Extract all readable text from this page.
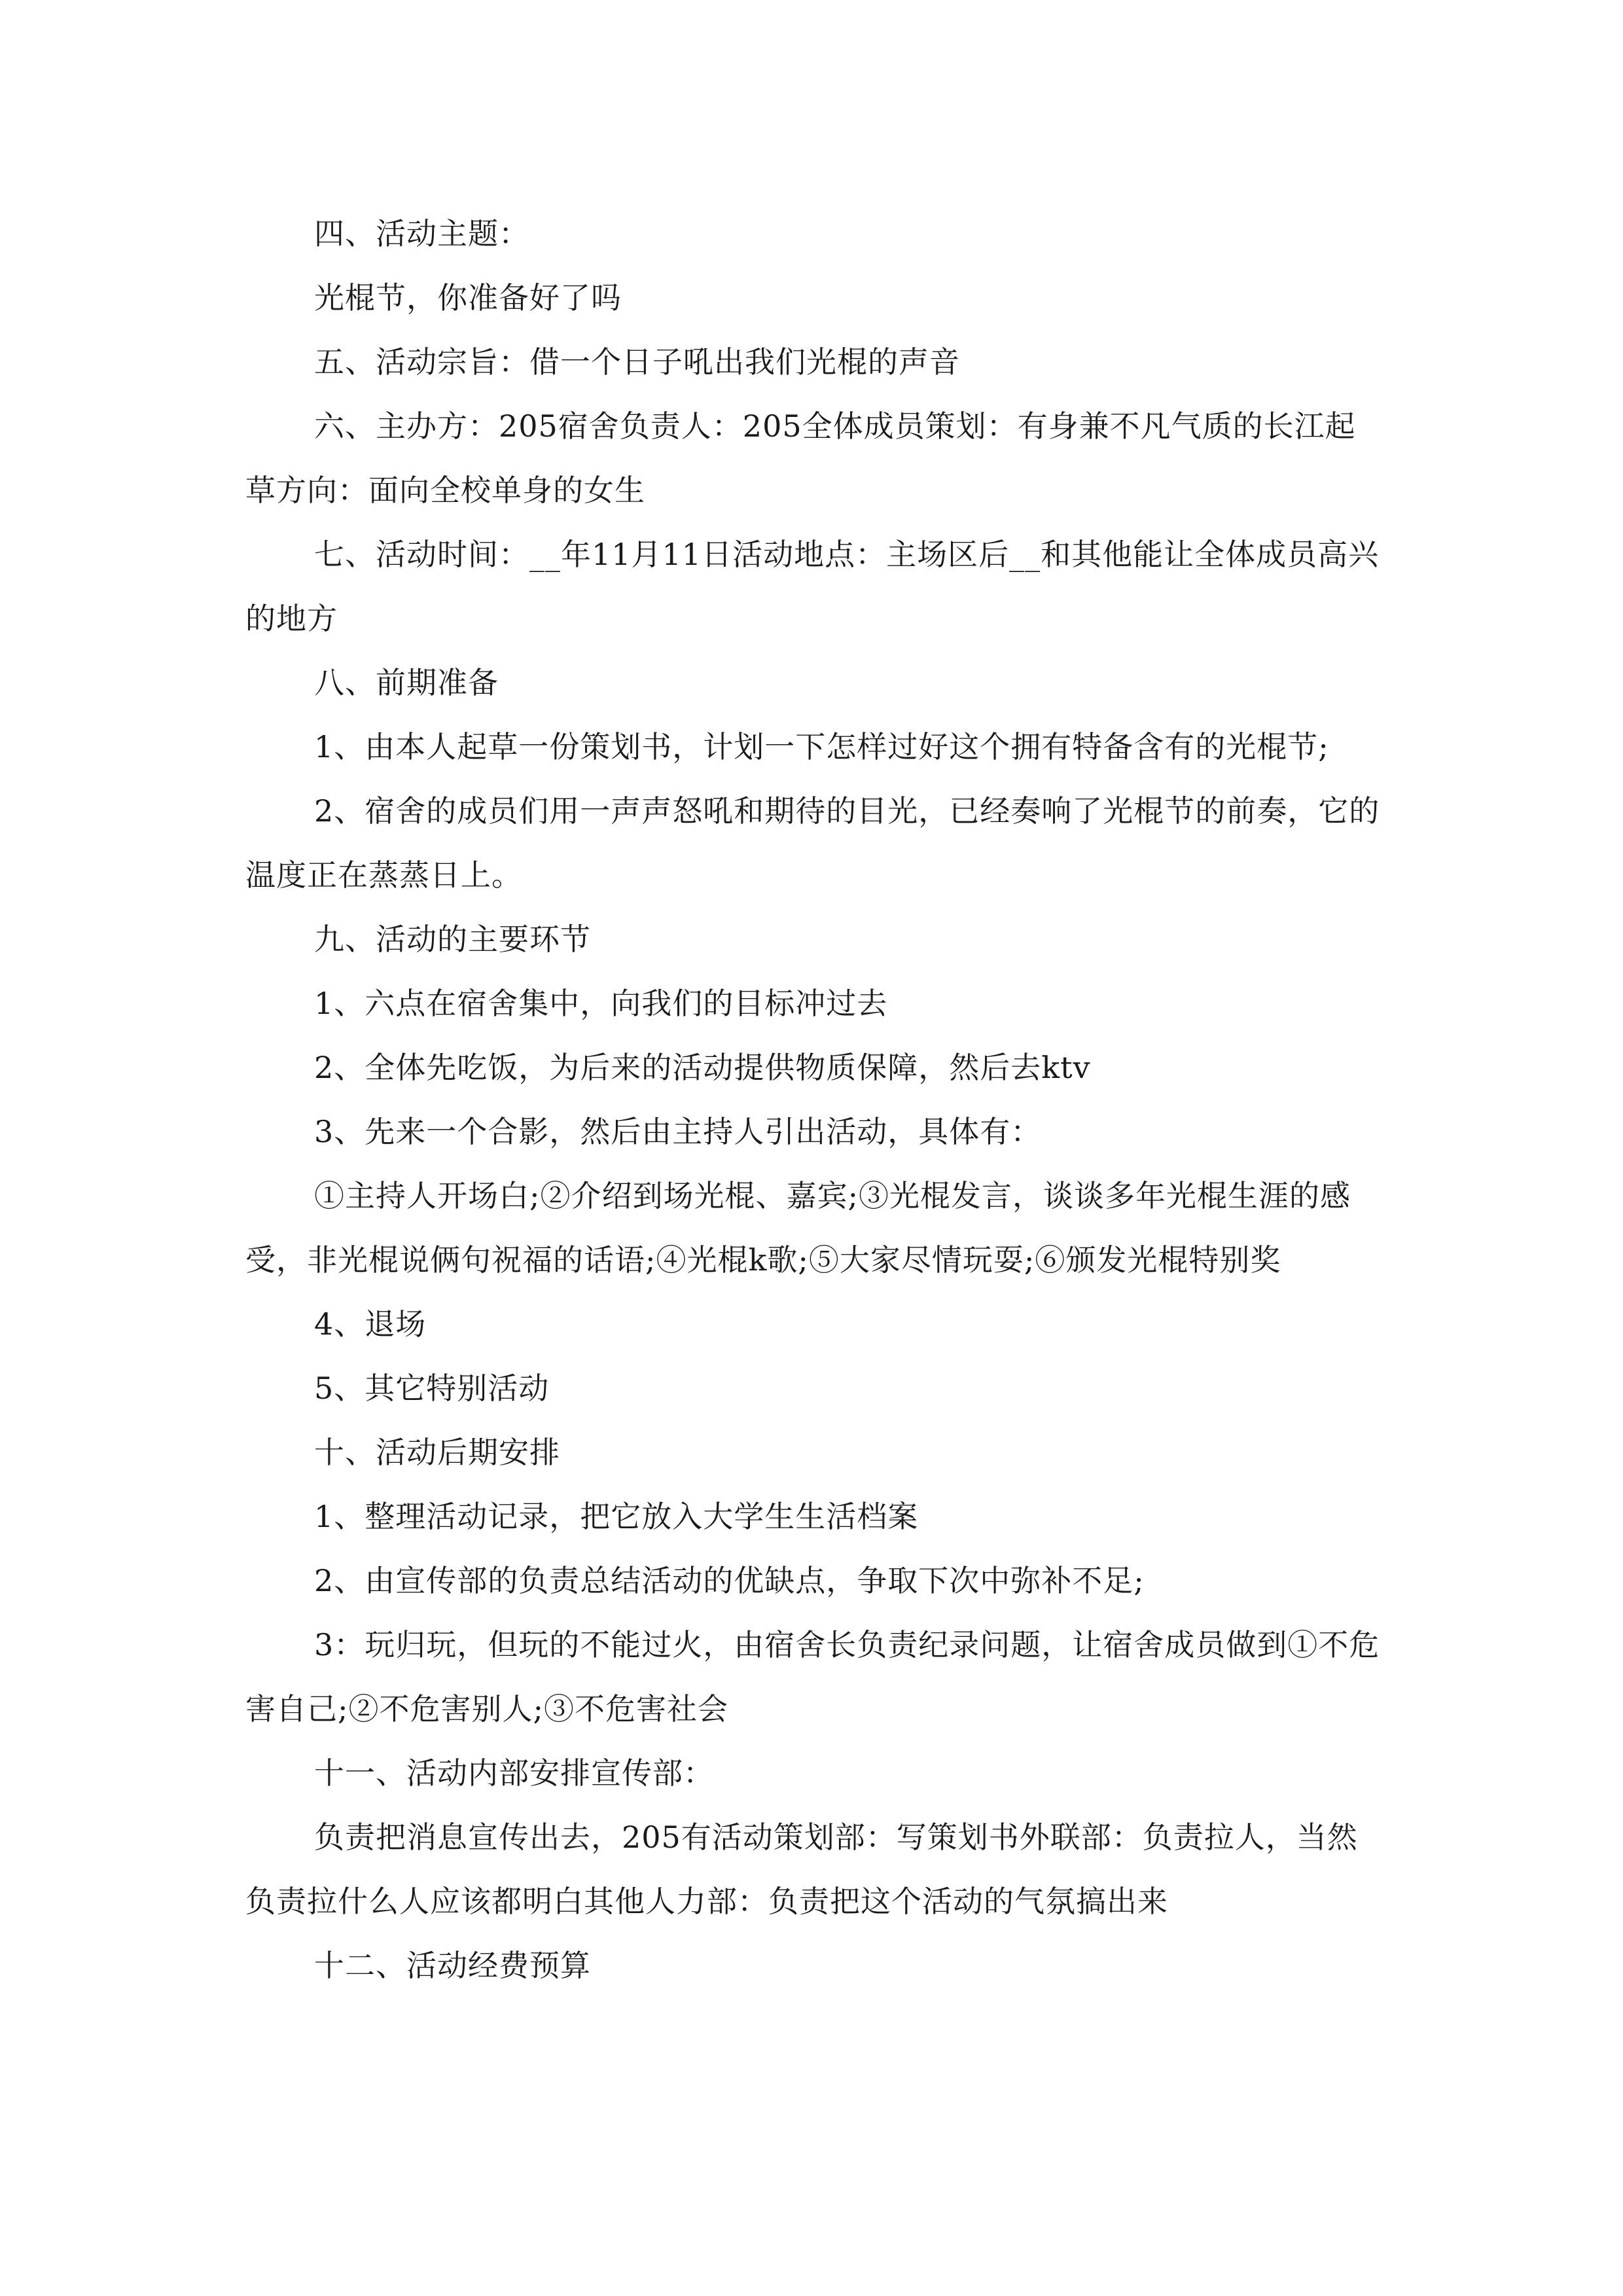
四、活动主题：

光棍节，你准备好了吗

五、活动宗旨：借一个日子吼出我们光棍的声音

六、主办方：205宿舍负责人：205全体成员策划：有身兼不凡气质的长江起草方向：面向全校单身的女生

七、活动时间：__年11月11日活动地点：主场区后__和其他能让全体成员高兴的地方

八、前期准备

1、由本人起草一份策划书，计划一下怎样过好这个拥有特备含有的光棍节;

2、宿舍的成员们用一声声怒吼和期待的目光，已经奏响了光棍节的前奏，它的温度正在蒸蒸日上。

九、活动的主要环节

1、六点在宿舍集中，向我们的目标冲过去

2、全体先吃饭，为后来的活动提供物质保障，然后去ktv

3、先来一个合影，然后由主持人引出活动，具体有：

①主持人开场白;②介绍到场光棍、嘉宾;③光棍发言，谈谈多年光棍生涯的感受，非光棍说俩句祝福的话语;④光棍k歌;⑤大家尽情玩耍;⑥颁发光棍特别奖

4、退场

5、其它特别活动

十、活动后期安排

1、整理活动记录，把它放入大学生生活档案

2、由宣传部的负责总结活动的优缺点，争取下次中弥补不足;

3：玩归玩，但玩的不能过火，由宿舍长负责纪录问题，让宿舍成员做到①不危害自己;②不危害别人;③不危害社会

十一、活动内部安排宣传部：

负责把消息宣传出去，205有活动策划部：写策划书外联部：负责拉人，当然负责拉什么人应该都明白其他人力部：负责把这个活动的气氛搞出来

十二、活动经费预算
